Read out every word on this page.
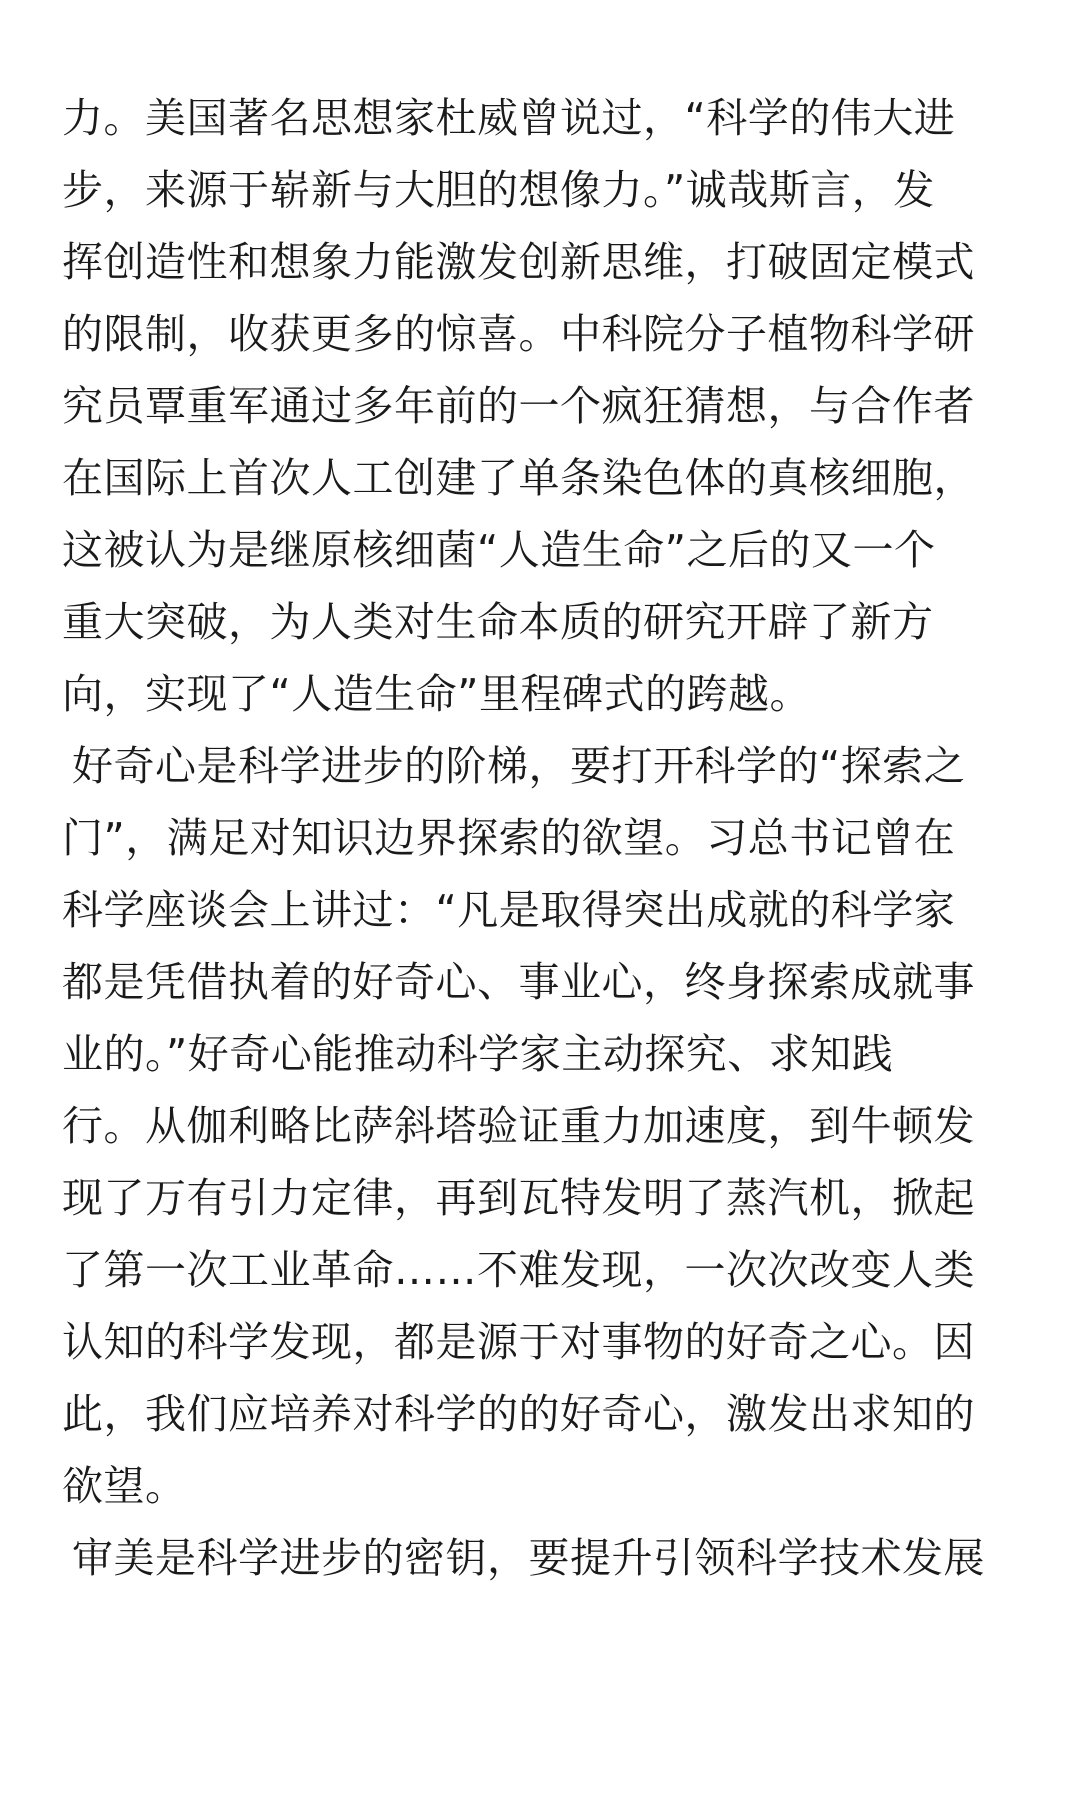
力。美国著名思想家杜威曾说过，“科学的伟大进
步，来源于崭新与大胆的想像力。”诚哉斯言，发
挥创造性和想象力能激发创新思维，打破固定模式
的限制，收获更多的惊喜。中科院分子植物科学研
究员覃重军通过多年前的一个疯狂猜想，与合作者
在国际上首次人工创建了单条染色体的真核细胞，
这被认为是继原核细菌“人造生命”之后的又一个
重大突破，为人类对生命本质的研究开辟了新方
向，实现了“人造生命”里程碑式的跨越。
好奇心是科学进步的阶梯，要打开科学的“探索之
门”，满足对知识边界探索的欲望。习总书记曾在
科学座谈会上讲过：“凡是取得突出成就的科学家
都是凭借执着的好奇心、事业心，终身探索成就事
业的。”好奇心能推动科学家主动探究、求知践
行。从伽利略比萨斜塔验证重力加速度，到牛顿发
现了万有引力定律，再到瓦特发明了蒸汽机，掀起
了第一次工业革命……不难发现，一次次改变人类
认知的科学发现，都是源于对事物的好奇之心。因
此，我们应培养对科学的的好奇心，激发出求知的
欲望。
审美是科学进步的密钥，要提升引领科学技术发展
